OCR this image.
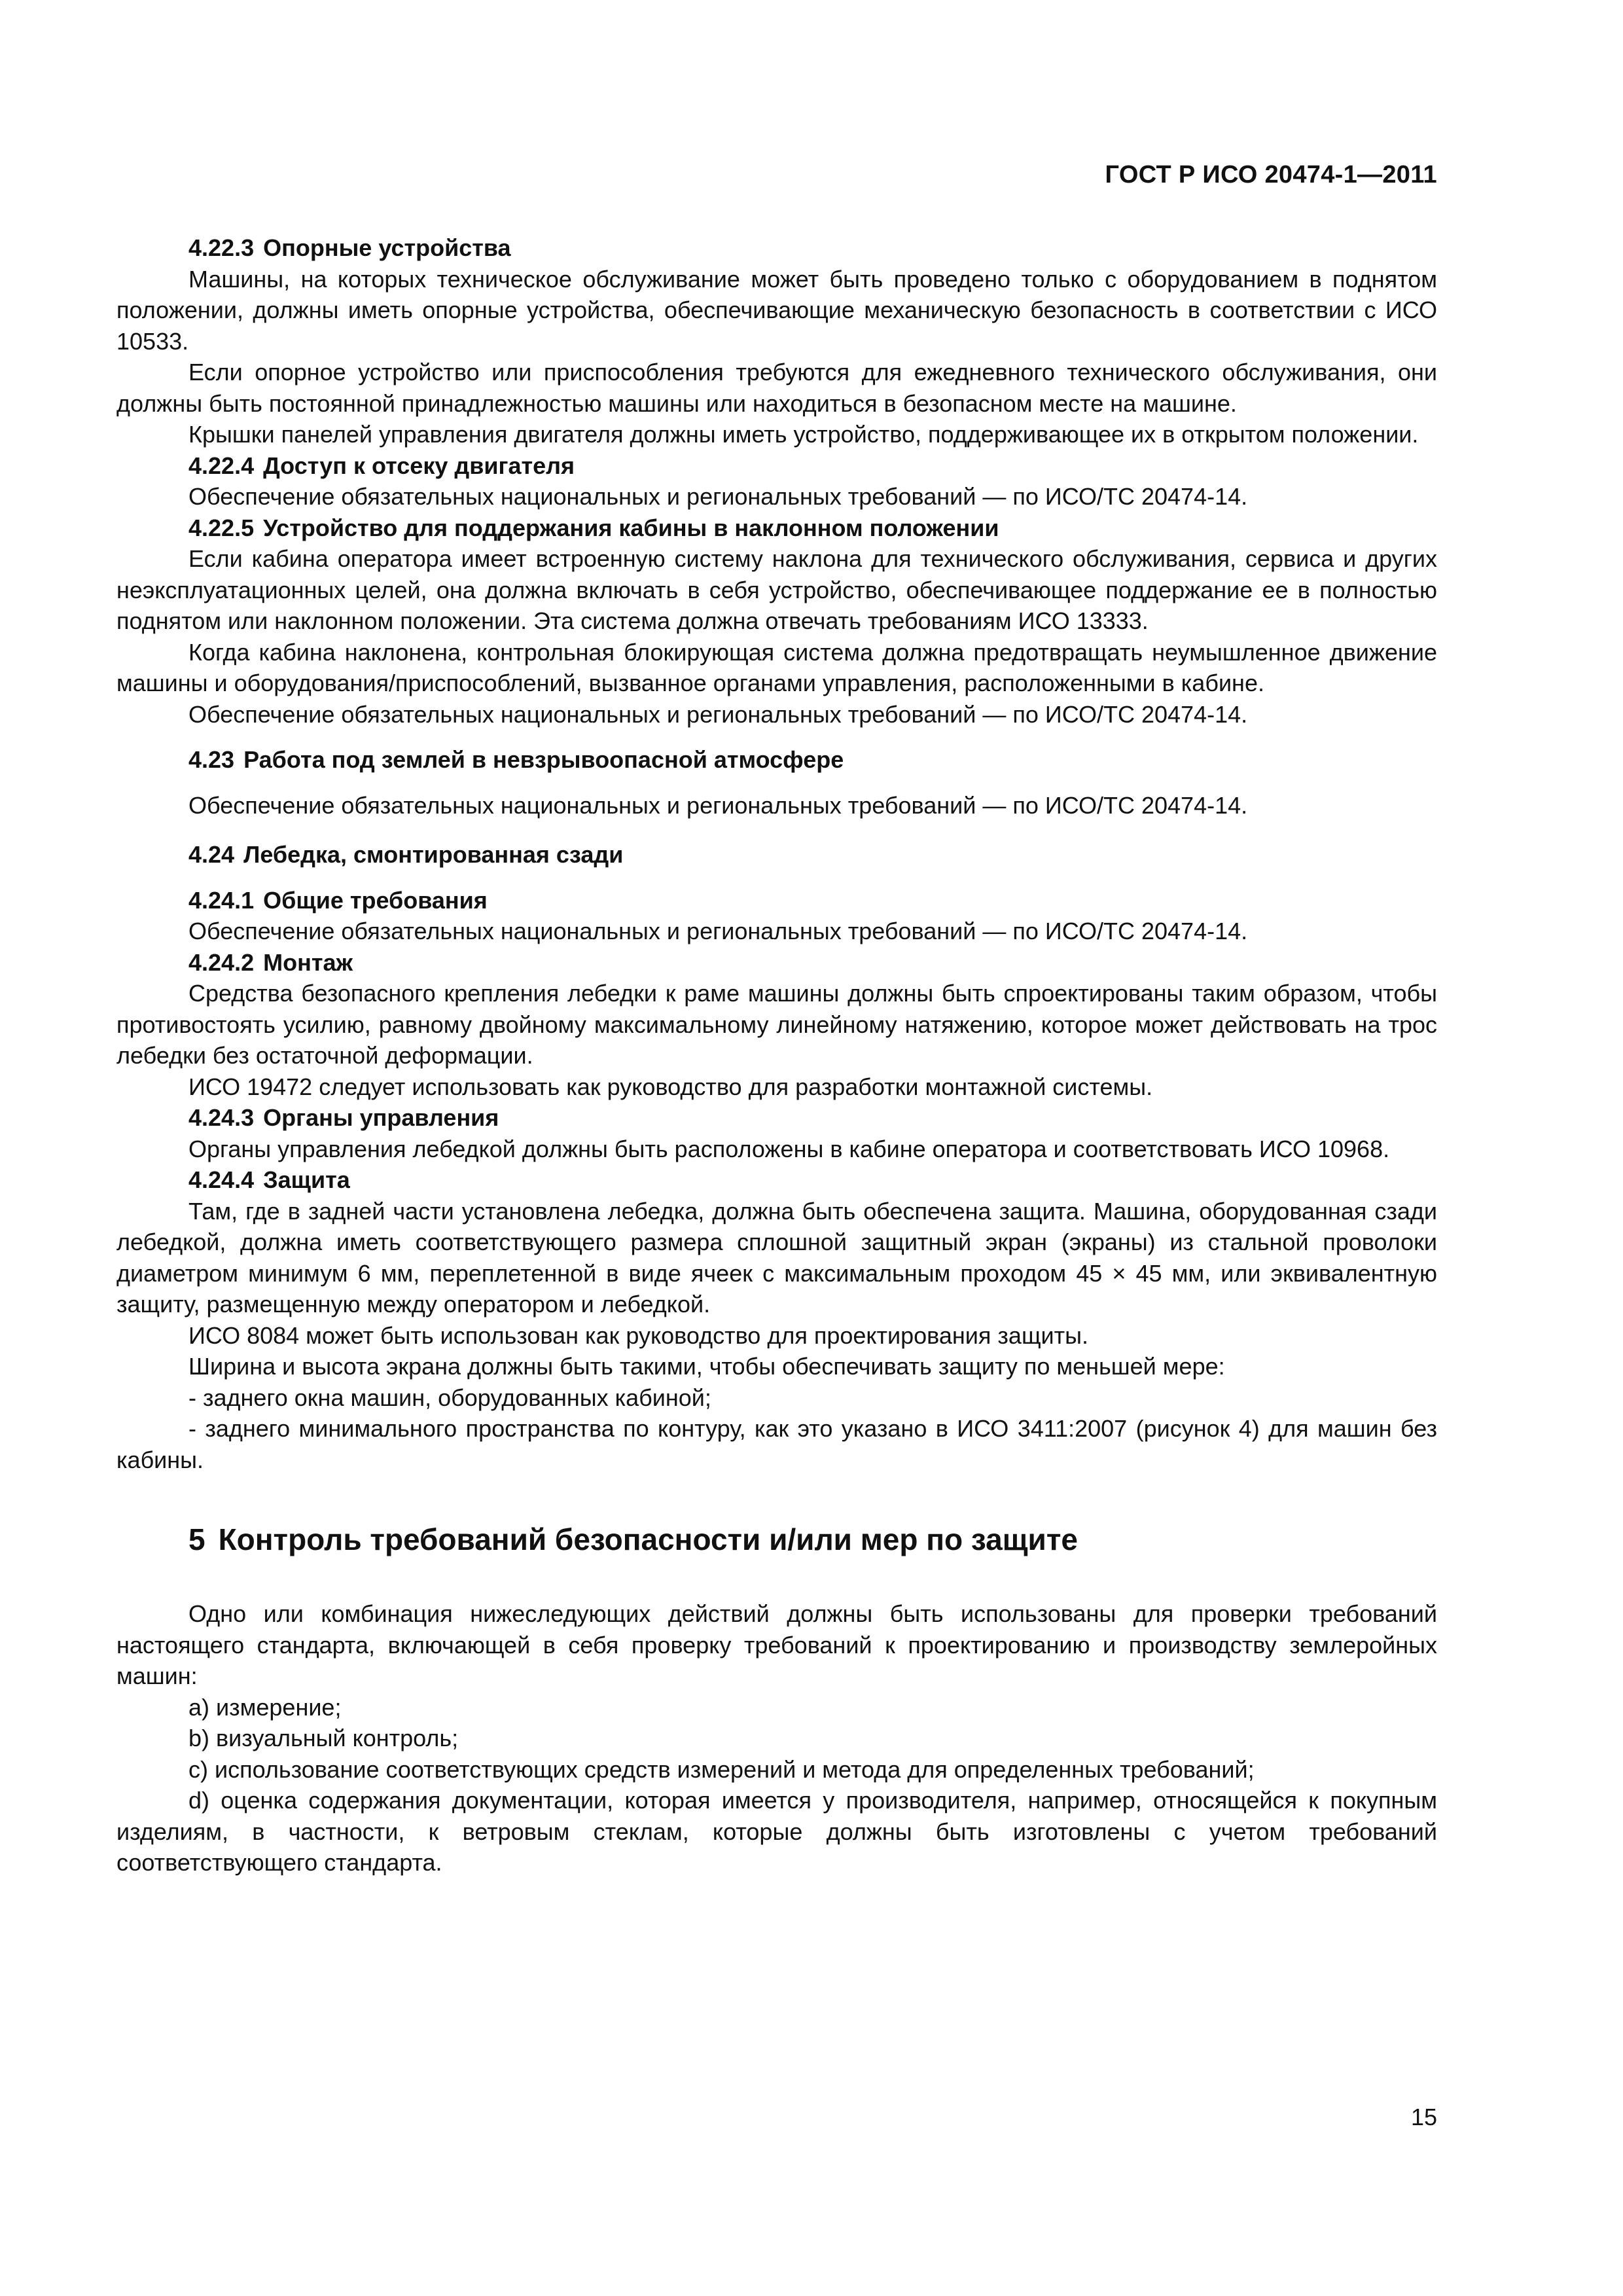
ГОСТ Р ИСО 20474-1—2011
4.22.3 Опорные устройства

Машины, на которых техническое обслуживание может быть проведено только с оборудованием в поднятом положении, должны иметь опорные устройства, обеспечивающие механическую безопасность в соответствии с ИСО 10533.

Если опорное устройство или приспособления требуются для ежедневного технического обслуживания, они должны быть постоянной принадлежностью машины или находиться в безопасном месте на машине.

Крышки панелей управления двигателя должны иметь устройство, поддерживающее их в открытом положении.

4.22.4 Доступ к отсеку двигателя

Обеспечение обязательных национальных и региональных требований — по ИСО/ТС 20474-14.

4.22.5 Устройство для поддержания кабины в наклонном положении

Если кабина оператора имеет встроенную систему наклона для технического обслуживания, сервиса и других неэксплуатационных целей, она должна включать в себя устройство, обеспечивающее поддержание ее в полностью поднятом или наклонном положении. Эта система должна отвечать требованиям ИСО 13333.

Когда кабина наклонена, контрольная блокирующая система должна предотвращать неумышленное движение машины и оборудования/приспособлений, вызванное органами управления, расположенными в кабине.

Обеспечение обязательных национальных и региональных требований — по ИСО/ТС 20474-14.

4.23 Работа под землей в невзрывоопасной атмосфере

Обеспечение обязательных национальных и региональных требований — по ИСО/ТС 20474-14.

4.24 Лебедка, смонтированная сзади
4.24.1 Общие требования

Обеспечение обязательных национальных и региональных требований — по ИСО/ТС 20474-14.

4.24.2 Монтаж

Средства безопасного крепления лебедки к раме машины должны быть спроектированы таким образом, чтобы противостоять усилию, равному двойному максимальному линейному натяжению, которое может действовать на трос лебедки без остаточной деформации.

ИСО 19472 следует использовать как руководство для разработки монтажной системы.

4.24.3 Органы управления

Органы управления лебедкой должны быть расположены в кабине оператора и соответствовать ИСО 10968.

4.24.4 Защита

Там, где в задней части установлена лебедка, должна быть обеспечена защита. Машина, оборудованная сзади лебедкой, должна иметь соответствующего размера сплошной защитный экран (экраны) из стальной проволоки диаметром минимум 6 мм, переплетенной в виде ячеек с максимальным проходом 45 × 45 мм, или эквивалентную защиту, размещенную между оператором и лебедкой.

ИСО 8084 может быть использован как руководство для проектирования защиты.

Ширина и высота экрана должны быть такими, чтобы обеспечивать защиту по меньшей мере:

- заднего окна машин, оборудованных кабиной;

- заднего минимального пространства по контуру, как это указано в ИСО 3411:2007 (рисунок 4) для машин без кабины.

5 Контроль требований безопасности и/или мер по защите

Одно или комбинация нижеследующих действий должны быть использованы для проверки требований настоящего стандарта, включающей в себя проверку требований к проектированию и производству землеройных машин:

a) измерение;

b) визуальный контроль;

c) использование соответствующих средств измерений и метода для определенных требований;

d) оценка содержания документации, которая имеется у производителя, например, относящейся к покупным изделиям, в частности, к ветровым стеклам, которые должны быть изготовлены с учетом требований соответствующего стандарта.

15
